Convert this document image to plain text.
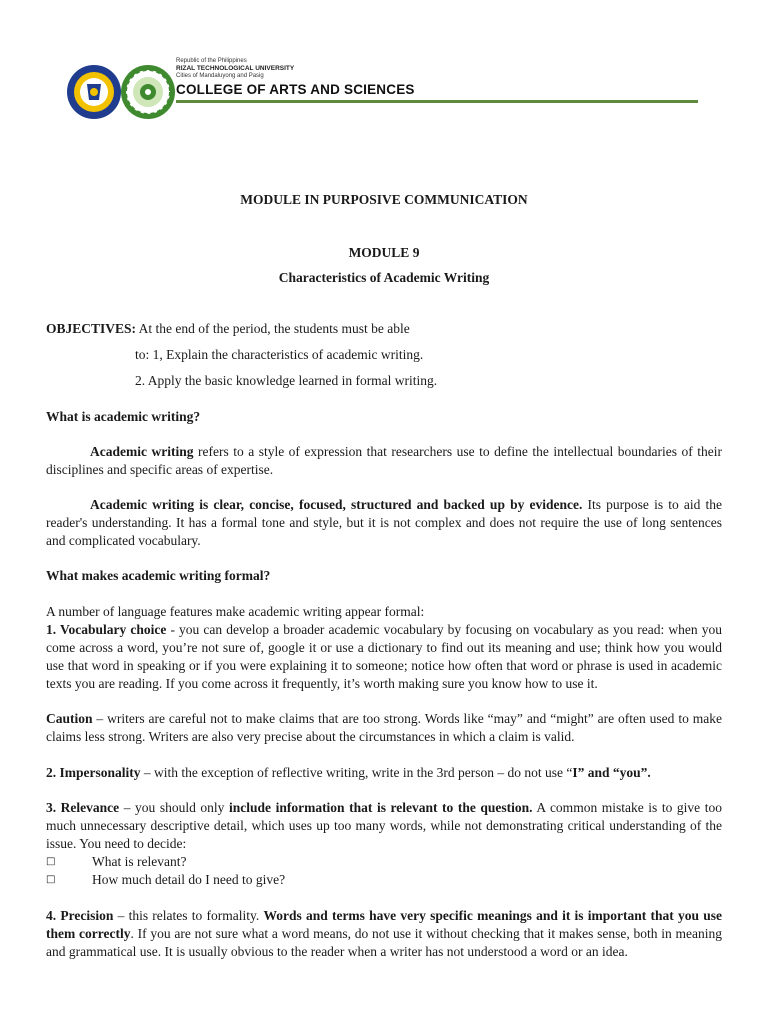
Republic of the Philippines
RIZAL TECHNOLOGICAL UNIVERSITY
Cities of Mandaluyong and Pasig
COLLEGE OF ARTS AND SCIENCES
MODULE IN PURPOSIVE COMMUNICATION
MODULE 9
Characteristics of Academic Writing
OBJECTIVES: At the end of the period, the students must be able
to: 1, Explain the characteristics of academic writing.
2. Apply the basic knowledge learned in formal writing.
What is academic writing?
Academic writing refers to a style of expression that researchers use to define the intellectual boundaries of their disciplines and specific areas of expertise.
Academic writing is clear, concise, focused, structured and backed up by evidence. Its purpose is to aid the reader's understanding. It has a formal tone and style, but it is not complex and does not require the use of long sentences and complicated vocabulary.
What makes academic writing formal?
A number of language features make academic writing appear formal:
1. Vocabulary choice - you can develop a broader academic vocabulary by focusing on vocabulary as you read: when you come across a word, you’re not sure of, google it or use a dictionary to find out its meaning and use; think how you would use that word in speaking or if you were explaining it to someone; notice how often that word or phrase is used in academic texts you are reading. If you come across it frequently, it’s worth making sure you know how to use it.
Caution – writers are careful not to make claims that are too strong. Words like “may” and “might” are often used to make claims less strong. Writers are also very precise about the circumstances in which a claim is valid.
2. Impersonality – with the exception of reflective writing, write in the 3rd person – do not use “I” and “you”.
3. Relevance – you should only include information that is relevant to the question. A common mistake is to give too much unnecessary descriptive detail, which uses up too many words, while not demonstrating critical understanding of the issue. You need to decide:
□	What is relevant?
□	How much detail do I need to give?
4. Precision – this relates to formality. Words and terms have very specific meanings and it is important that you use them correctly. If you are not sure what a word means, do not use it without checking that it makes sense, both in meaning and grammatical use. It is usually obvious to the reader when a writer has not understood a word or an idea.
